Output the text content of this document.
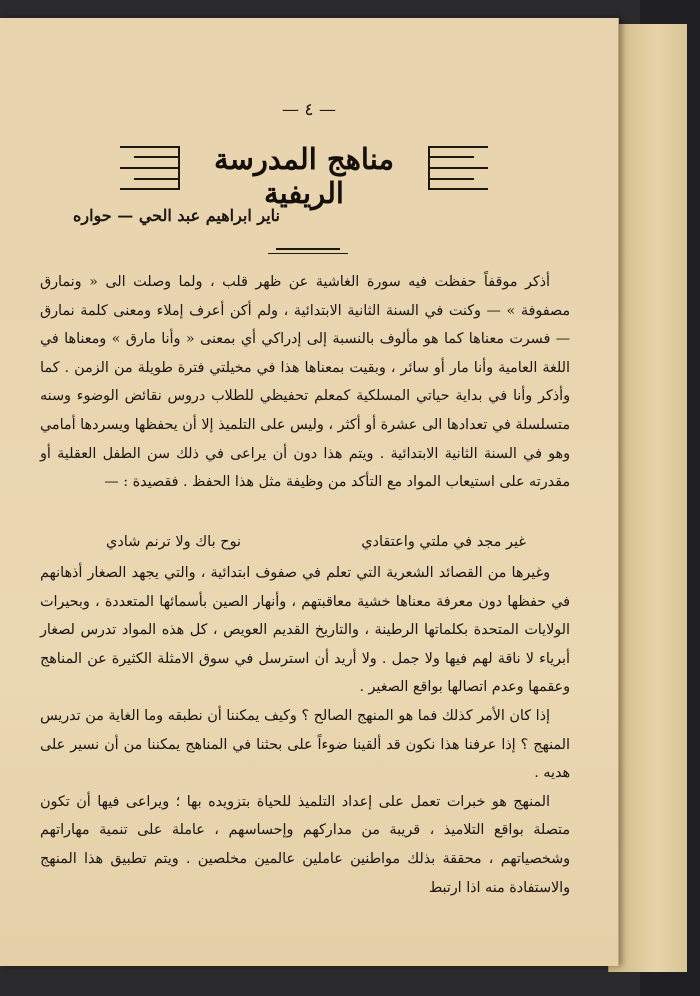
— ٤ —
مناهج المدرسة الريفية
ناير ابراهيم عبد الحي — حواره

أذكر موقفاً حفظت فيه سورة الغاشية عن ظهر قلب ، ولما وصلت الى « ونمارق مصفوفة » — وكنت في السنة الثانية الابتدائية ، ولم أكن أعرف إملاء ومعنى كلمة نمارق — فسرت معناها كما هو مألوف بالنسبة إلى إدراكي أي بمعنى « وأنا مارق » ومعناها في اللغة العامية وأنا مار أو سائر ، وبقيت بمعناها هذا في مخيلتي فترة طويلة من الزمن . كما وأذكر وأنا في بداية حياتي المسلكية كمعلم تحفيظي للطلاب دروس نقائض الوضوء وسنه متسلسلة في تعدادها الى عشرة أو أكثر ، وليس على التلميذ إلا أن يحفظها ويسردها أمامي وهو في السنة الثانية الابتدائية . ويتم هذا دون أن يراعى في ذلك سن الطفل العقلية أو مقدرته على استيعاب المواد مع التأكد من وظيفة مثل هذا الحفظ . فقصيدة : —

غير مجد في ملتي واعتقادي
نوح باك ولا ترنم شادي

وغيرها من القصائد الشعرية التي تعلم في صفوف ابتدائية ، والتي يجهد الصغار أذهانهم في حفظها دون معرفة معناها خشية معاقبتهم ، وأنهار الصين بأسمائها المتعددة ، وبحيرات الولايات المتحدة بكلماتها الرطينة ، والتاريخ القديم العويص ، كل هذه المواد تدرس لصغار أبرياء لا ناقة لهم فيها ولا جمل . ولا أريد أن استرسل في سوق الامثلة الكثيرة عن المناهج وعقمها وعدم اتصالها بواقع الصغير .

إذا كان الأمر كذلك فما هو المنهج الصالح ؟ وكيف يمكننا أن نطبقه وما الغاية من تدريس المنهج ؟ إذا عرفنا هذا نكون قد ألقينا ضوءاً على بحثنا في المناهج يمكننا من أن نسير على هديه .

المنهج هو خبرات تعمل على إعداد التلميذ للحياة بتزويده بها ؛ ويراعى فيها أن تكون متصلة بواقع التلاميذ ، قريبة من مداركهم وإحساسهم ، عاملة على تنمية مهاراتهم وشخصياتهم ، محققة بذلك مواطنين عاملين عالمين مخلصين . ويتم تطبيق هذا المنهج والاستفادة منه اذا ارتبط
